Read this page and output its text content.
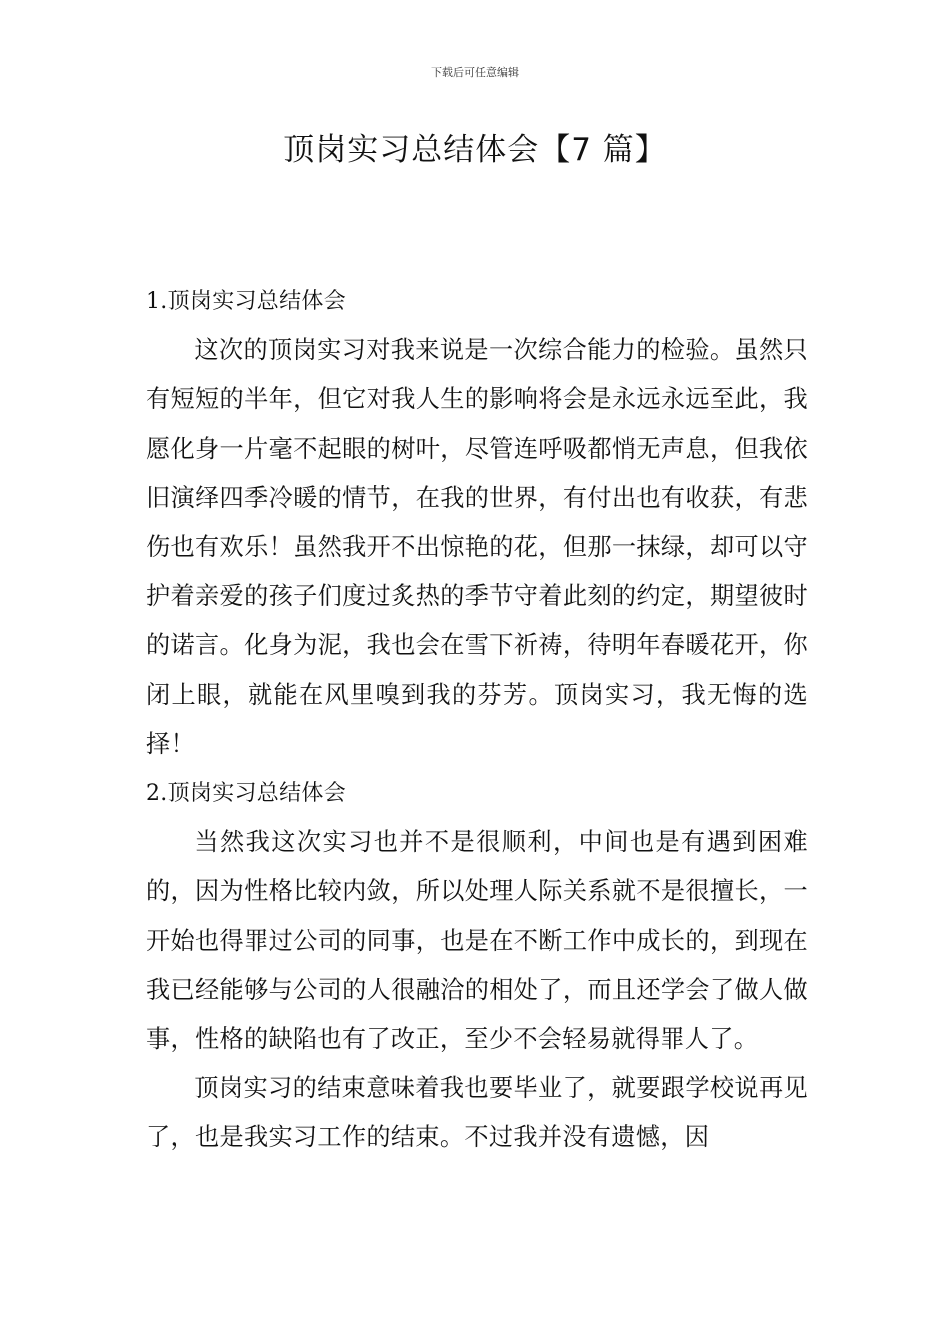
下载后可任意编辑
顶岗实习总结体会【7 篇】
1.顶岗实习总结体会

这次的顶岗实习对我来说是一次综合能力的检验。虽然只有短短的半年，但它对我人生的影响将会是永远永远至此，我愿化身一片毫不起眼的树叶，尽管连呼吸都悄无声息，但我依旧演绎四季冷暖的情节，在我的世界，有付出也有收获，有悲伤也有欢乐！虽然我开不出惊艳的花，但那一抹绿，却可以守护着亲爱的孩子们度过炙热的季节守着此刻的约定，期望彼时的诺言。化身为泥，我也会在雪下祈祷，待明年春暖花开，你闭上眼，就能在风里嗅到我的芬芳。顶岗实习，我无悔的选择！

2.顶岗实习总结体会

当然我这次实习也并不是很顺利，中间也是有遇到困难的，因为性格比较内敛，所以处理人际关系就不是很擅长，一开始也得罪过公司的同事，也是在不断工作中成长的，到现在我已经能够与公司的人很融洽的相处了，而且还学会了做人做事，性格的缺陷也有了改正，至少不会轻易就得罪人了。

顶岗实习的结束意味着我也要毕业了，就要跟学校说再见了，也是我实习工作的结束。不过我并没有遗憾，因
